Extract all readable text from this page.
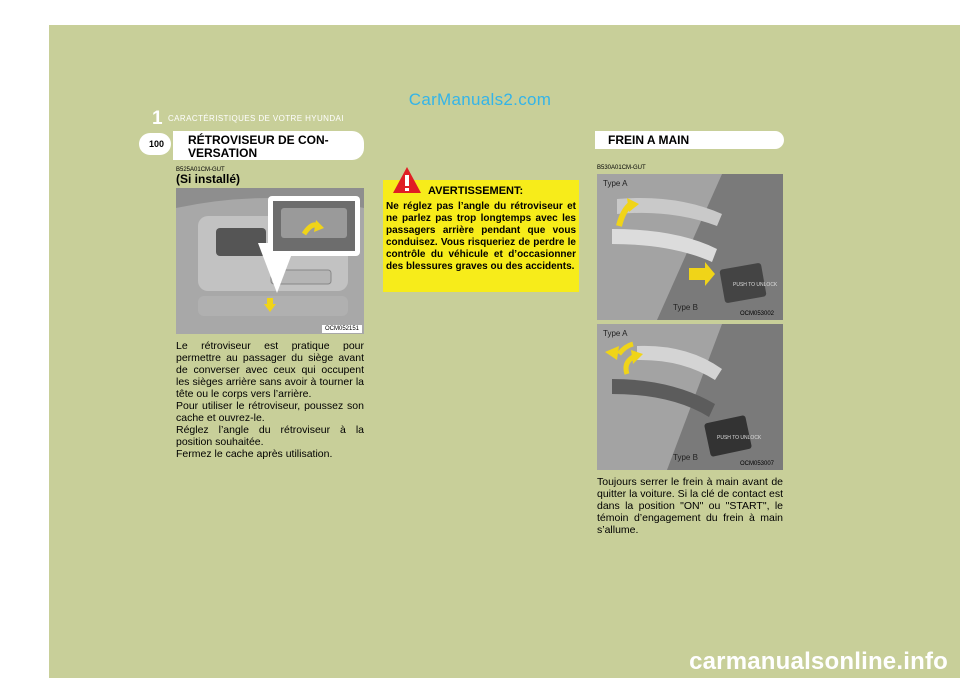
CarManuals2.com
1 CARACTÉRISTIQUES DE VOTRE HYUNDAI
100 RÉTROVISEUR DE CON- VERSATION
B525A01CM-GUT
(Si installé)
OCM052151

Le rétroviseur est pratique pour permettre au passager du siège avant de converser avec ceux qui occupent les sièges arrière sans avoir à tourner la tête ou le corps vers l’arrière.

Pour utiliser le rétroviseur, poussez son cache et ouvrez-le.

Réglez l’angle du rétroviseur à la position souhaitée.

Fermez le cache après utilisation.

AVERTISSEMENT:
Ne réglez pas l’angle du rétroviseur et ne parlez pas trop longtemps avec les passagers arrière pendant que vous conduisez. Vous risqueriez de perdre le contrôle du véhicule et d’occasionner des blessures graves ou des accidents.
FREIN A MAIN
B530A01CM-GUT
PUSH TO UNLOCK
Type A
Type B
OCM053002
PUSH TO UNLOCK
Type A
Type B
OCM053007
Toujours serrer le frein à main avant de quitter la voiture. Si la clé de contact est dans la position "ON" ou "START", le témoin d’engagement du frein à main s’allume.
carmanualsonline.info
